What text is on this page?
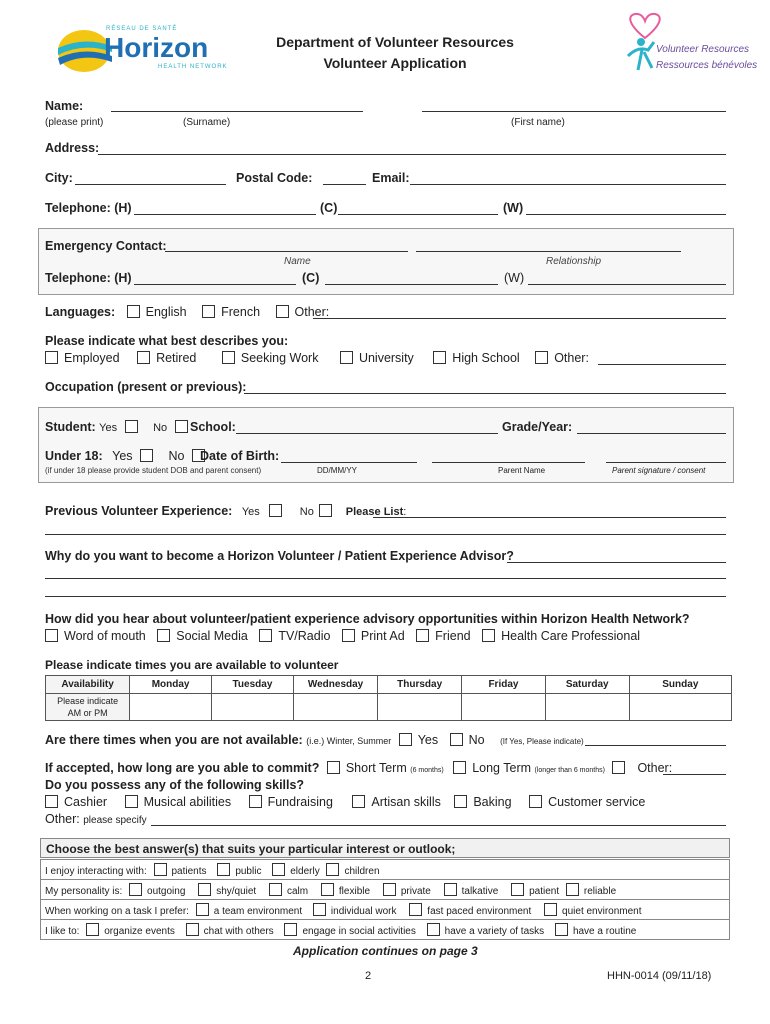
RÉSEAU DE SANTÉ
Horizon
HEALTH NETWORK
Department of Volunteer Resources
Volunteer Application
Volunteer Resources
Ressources bénévoles
Name:
(please print)	(Surname)	(First name)
Address:
City:	Postal Code:	Email:
Telephone: (H)	(C)	(W)
Emergency Contact:
Name	Relationship
Telephone: (H)	(C)	(W)
Languages: English	French	Other:
Please indicate what best describes you:
Employed	Retired	Seeking Work	University	High School	Other:
Occupation (present or previous):
Student: Yes	No	School:	Grade/Year:
Under 18: Yes	No	Date of Birth:
(if under 18 please provide student DOB and parent consent)	DD/MM/YY	Parent Name	Parent signature / consent
Previous Volunteer Experience: Yes	No	Please List:
Why do you want to become a Horizon Volunteer / Patient Experience Advisor?
How did you hear about volunteer/patient experience advisory opportunities within Horizon Health Network?
Word of mouth Social Media TV/Radio Print Ad Friend Health Care Professional
Please indicate times you are available to volunteer
Availability	Monday	Tuesday	Wednesday	Thursday	Friday	Saturday	Sunday

Please indicate
AM or PM							

Are there times when you are not available: (i.e.) Winter, Summer Yes No (If Yes, Please indicate)
If accepted, how long are you able to commit? Short Term (6 months) Long Term (longer than 6 months)	Other:
Do you possess any of the following skills?
Cashier	Musical abilities	Fundraising	Artisan skills	Baking	Customer service
Other: please specify
Choose the best answer(s) that suits your particular interest or outlook;
I enjoy interacting with: patients	public	elderly children
My personality is: outgoing	shy/quiet	calm	flexible	private	talkative	patient reliable
When working on a task I prefer: a team environment	individual work	fast paced environment	quiet environment
I like to: organize events	chat with others	engage in social activities	have a variety of tasks	have a routine
Application continues on page 3
2	HHN-0014 (09/11/18)
